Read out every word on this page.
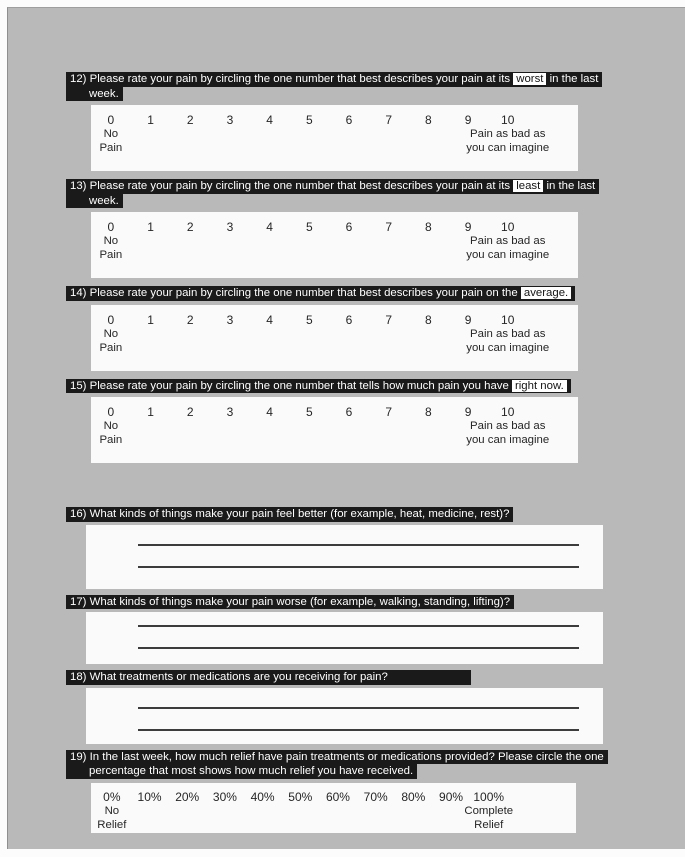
12) Please rate your pain by circling the one number that best describes your pain at its worst in the last
week.
0
No
Pain
1	2	3	4	5	6	7	8	9	10
Pain as bad as
you can imagine
13) Please rate your pain by circling the one number that best describes your pain at its least in the last
week.
0
No
Pain
1	2	3	4	5	6	7	8	9	10
Pain as bad as
you can imagine
14) Please rate your pain by circling the one number that best describes your pain on the average.
0
No
Pain
1	2	3	4	5	6	7	8	9	10
Pain as bad as
you can imagine
15) Please rate your pain by circling the one number that tells how much pain you have right now.
0
No
Pain
1	2	3	4	5	6	7	8	9	10
Pain as bad as
you can imagine
16) What kinds of things make your pain feel better (for example, heat, medicine, rest)?
17) What kinds of things make your pain worse (for example, walking, standing, lifting)?
18) What treatments or medications are you receiving for pain?
19) In the last week, how much relief have pain treatments or medications provided? Please circle the one
percentage that most shows how much relief you have received.
0%
No
Relief
10%	20%	30%	40%	50%	60%	70%	80%	90% 100%
Complete
Relief
